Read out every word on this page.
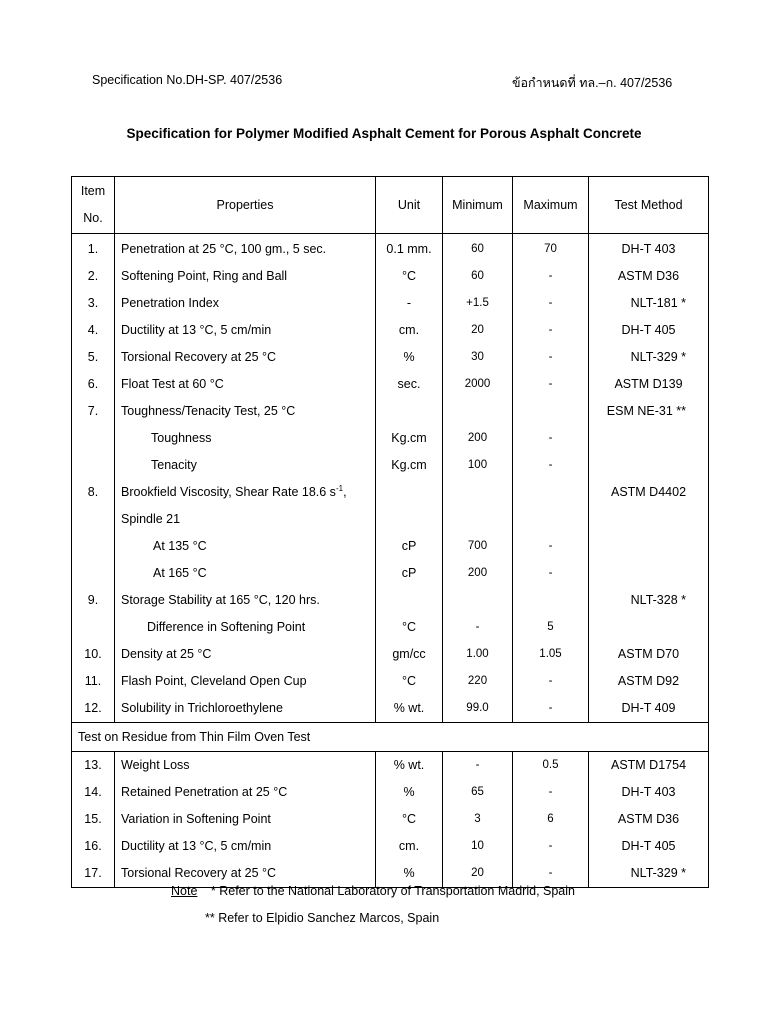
Specification No.DH-SP. 407/2536	ข้อกำหนดที่ ทล.–ก. 407/2536
Specification for Polymer Modified Asphalt Cement for Porous Asphalt Concrete
Item
No.	Properties	Unit	Minimum	Maximum	Test Method
1.	Penetration at 25 °C, 100 gm., 5 sec.	0.1 mm.	60	70	DH-T 403
2.	Softening Point, Ring and Ball	°C	60	-	ASTM D36
3.	Penetration Index	-	+1.5	-	NLT-181 *
4.	Ductility at 13 °C, 5 cm/min	cm.	20	-	DH-T 405
5.	Torsional Recovery at 25 °C	%	30	-	NLT-329 *
6.	Float Test at 60 °C	sec.	2000	-	ASTM D139
7.	Toughness/Tenacity Test, 25 °C				ESM NE-31 **
	Toughness	Kg.cm	200	-	
	Tenacity	Kg.cm	100	-	
8.	Brookfield Viscosity, Shear Rate 18.6 $s^{-1}$,				ASTM D4402
	Spindle 21				
	At 135 °C	cP	700	-	
	At 165 °C	cP	200	-	
9.	Storage Stability at 165 °C, 120 hrs.				NLT-328 *
	Difference in Softening Point	°C	-	5	
10.	Density at 25 °C	gm/cc	1.00	1.05	ASTM D70
11.	Flash Point, Cleveland Open Cup	°C	220	-	ASTM D92
12.	Solubility in Trichloroethylene	% wt.	99.0	-	DH-T 409
Test on Residue from Thin Film Oven Test					
13.	Weight Loss	% wt.	-	0.5	ASTM D1754
14.	Retained Penetration at 25 °C	%	65	-	DH-T 403
15.	Variation in Softening Point	°C	3	6	ASTM D36
16.	Ductility at 13 °C, 5 cm/min	cm.	10	-	DH-T 405
17.	Torsional Recovery at 25 °C	%	20	-	NLT-329 *
Note * Refer to the National Laboratory of Transportation Madrid, Spain
** Refer to Elpidio Sanchez Marcos, Spain
